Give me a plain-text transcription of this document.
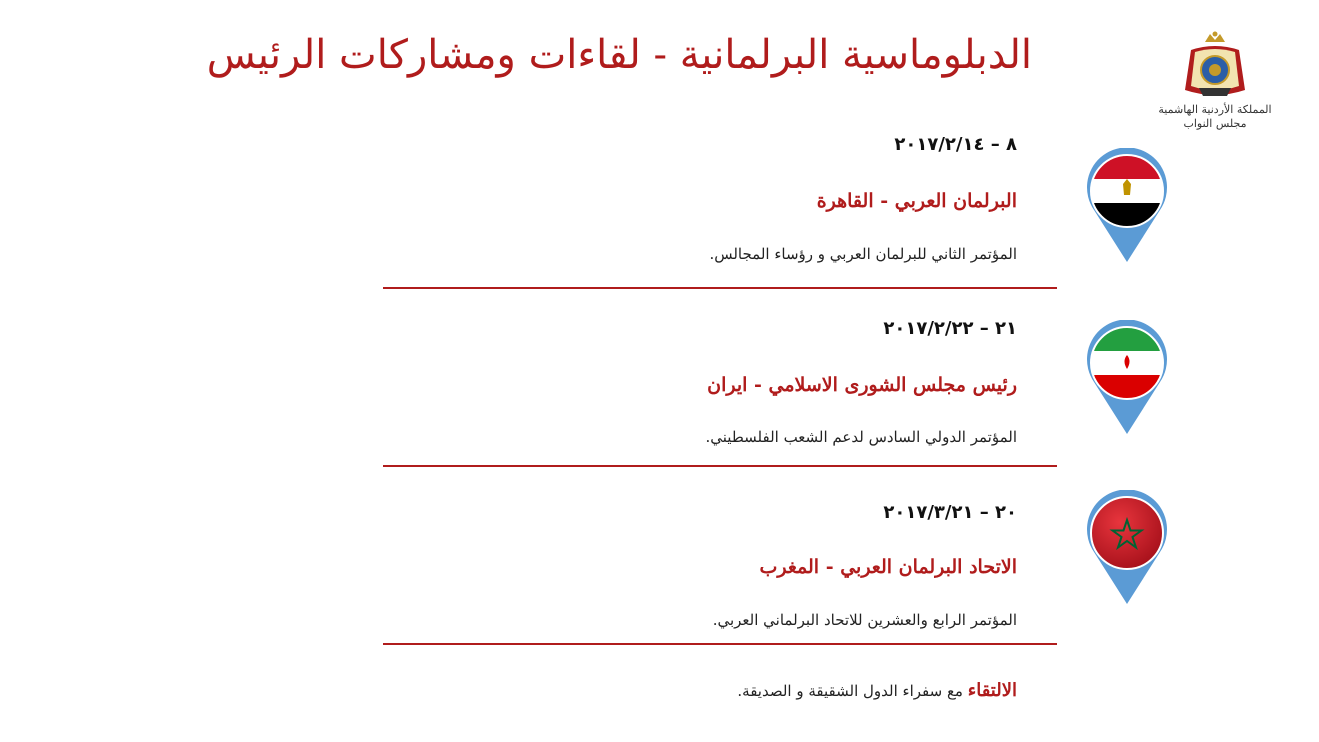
الدبلوماسية البرلمانية - لقاءات ومشاركات الرئيس
المملكة الأردنية الهاشمية
مجلس النواب
٨ – ٢٠١٧/٢/١٤
البرلمان العربي - القاهرة
المؤتمر الثاني للبرلمان العربي و رؤساء المجالس.
٢١ – ٢٠١٧/٢/٢٢
رئيس مجلس الشورى الاسلامي - ايران
المؤتمر الدولي السادس لدعم الشعب الفلسطيني.
٢٠ – ٢٠١٧/٣/٢١
الاتحاد البرلمان العربي - المغرب
المؤتمر الرابع والعشرين للاتحاد البرلماني العربي.
الالتقاء مع سفراء الدول الشقيقة و الصديقة.
